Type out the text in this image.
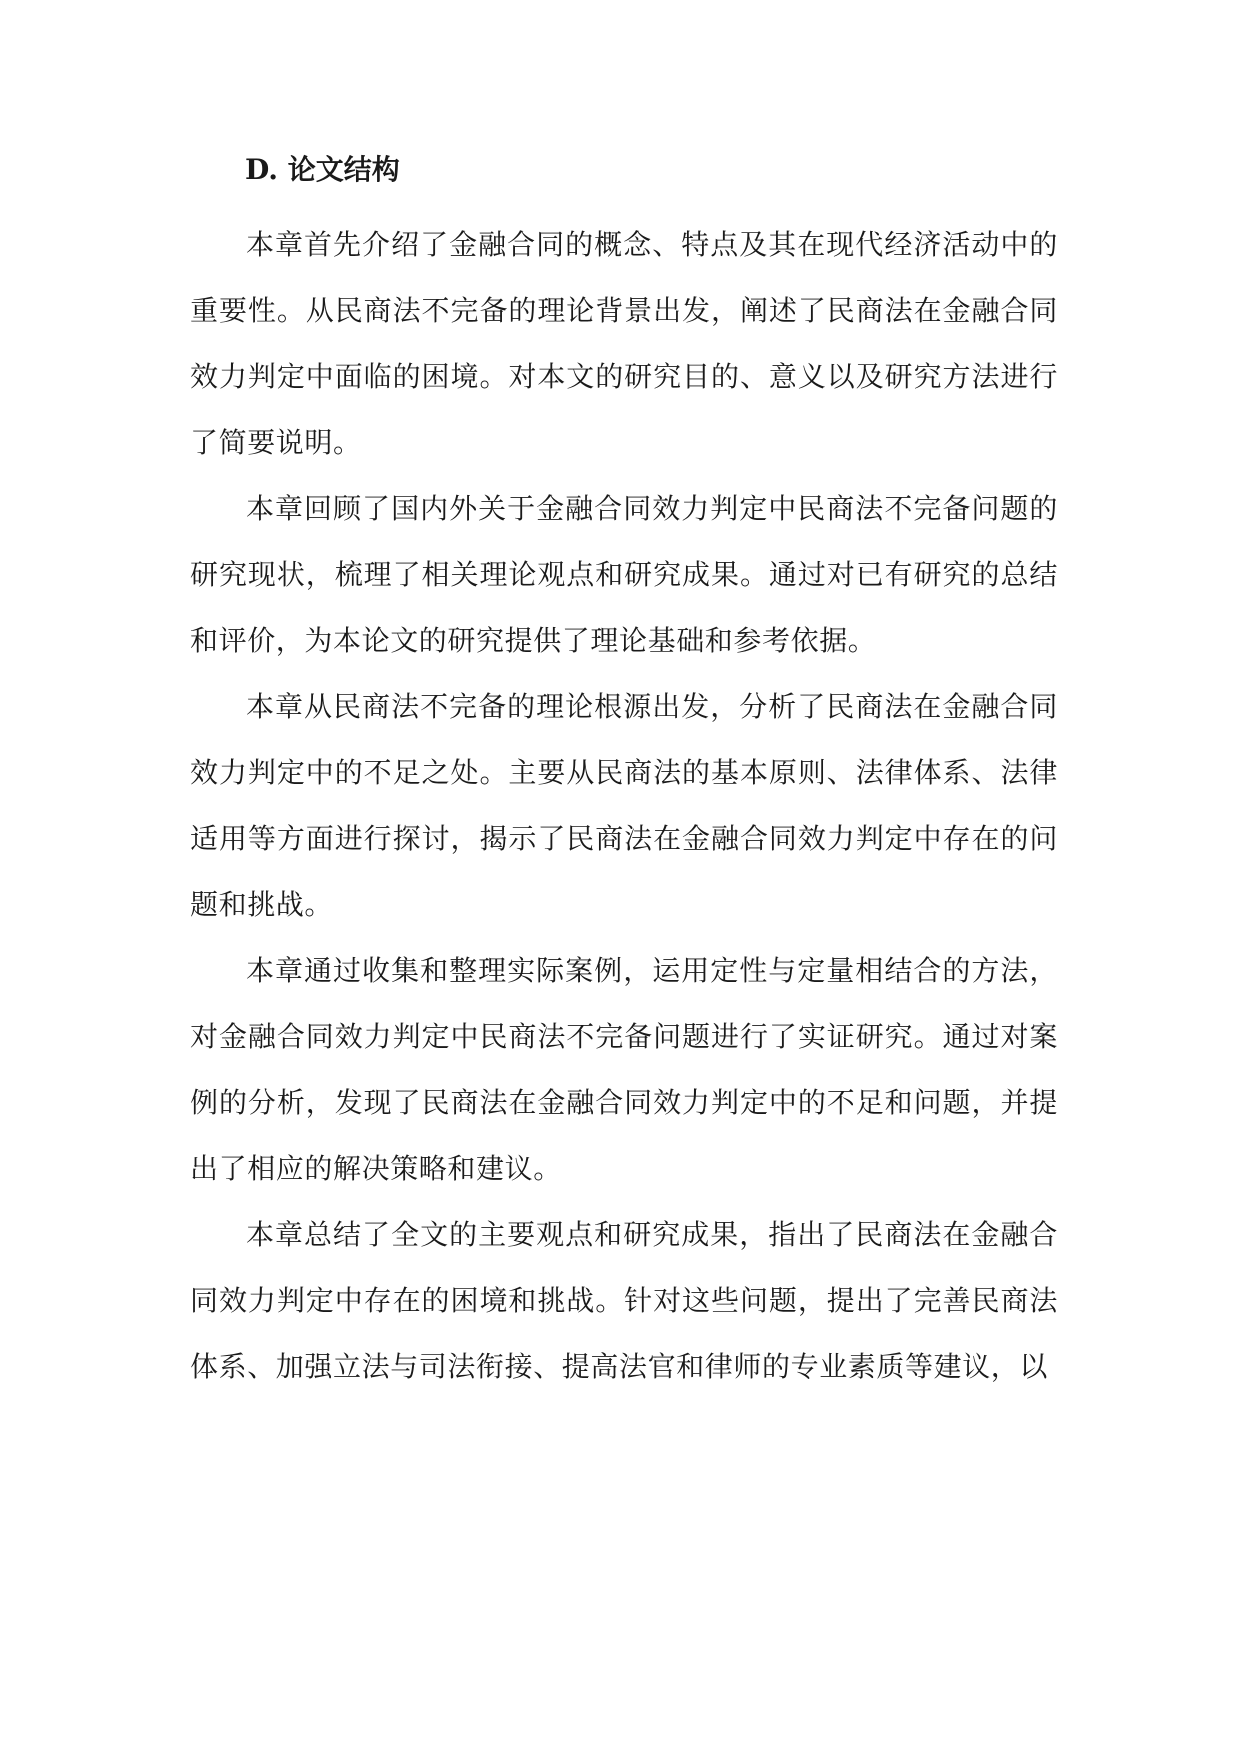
D. 论文结构

本章首先介绍了金融合同的概念、特点及其在现代经济活动中的重要性。从民商法不完备的理论背景出发，阐述了民商法在金融合同效力判定中面临的困境。对本文的研究目的、意义以及研究方法进行了简要说明。

本章回顾了国内外关于金融合同效力判定中民商法不完备问题的研究现状，梳理了相关理论观点和研究成果。通过对已有研究的总结和评价，为本论文的研究提供了理论基础和参考依据。

本章从民商法不完备的理论根源出发，分析了民商法在金融合同效力判定中的不足之处。主要从民商法的基本原则、法律体系、法律适用等方面进行探讨，揭示了民商法在金融合同效力判定中存在的问题和挑战。

本章通过收集和整理实际案例，运用定性与定量相结合的方法，对金融合同效力判定中民商法不完备问题进行了实证研究。通过对案例的分析，发现了民商法在金融合同效力判定中的不足和问题，并提出了相应的解决策略和建议。

本章总结了全文的主要观点和研究成果，指出了民商法在金融合同效力判定中存在的困境和挑战。针对这些问题，提出了完善民商法体系、加强立法与司法衔接、提高法官和律师的专业素质等建议，以
